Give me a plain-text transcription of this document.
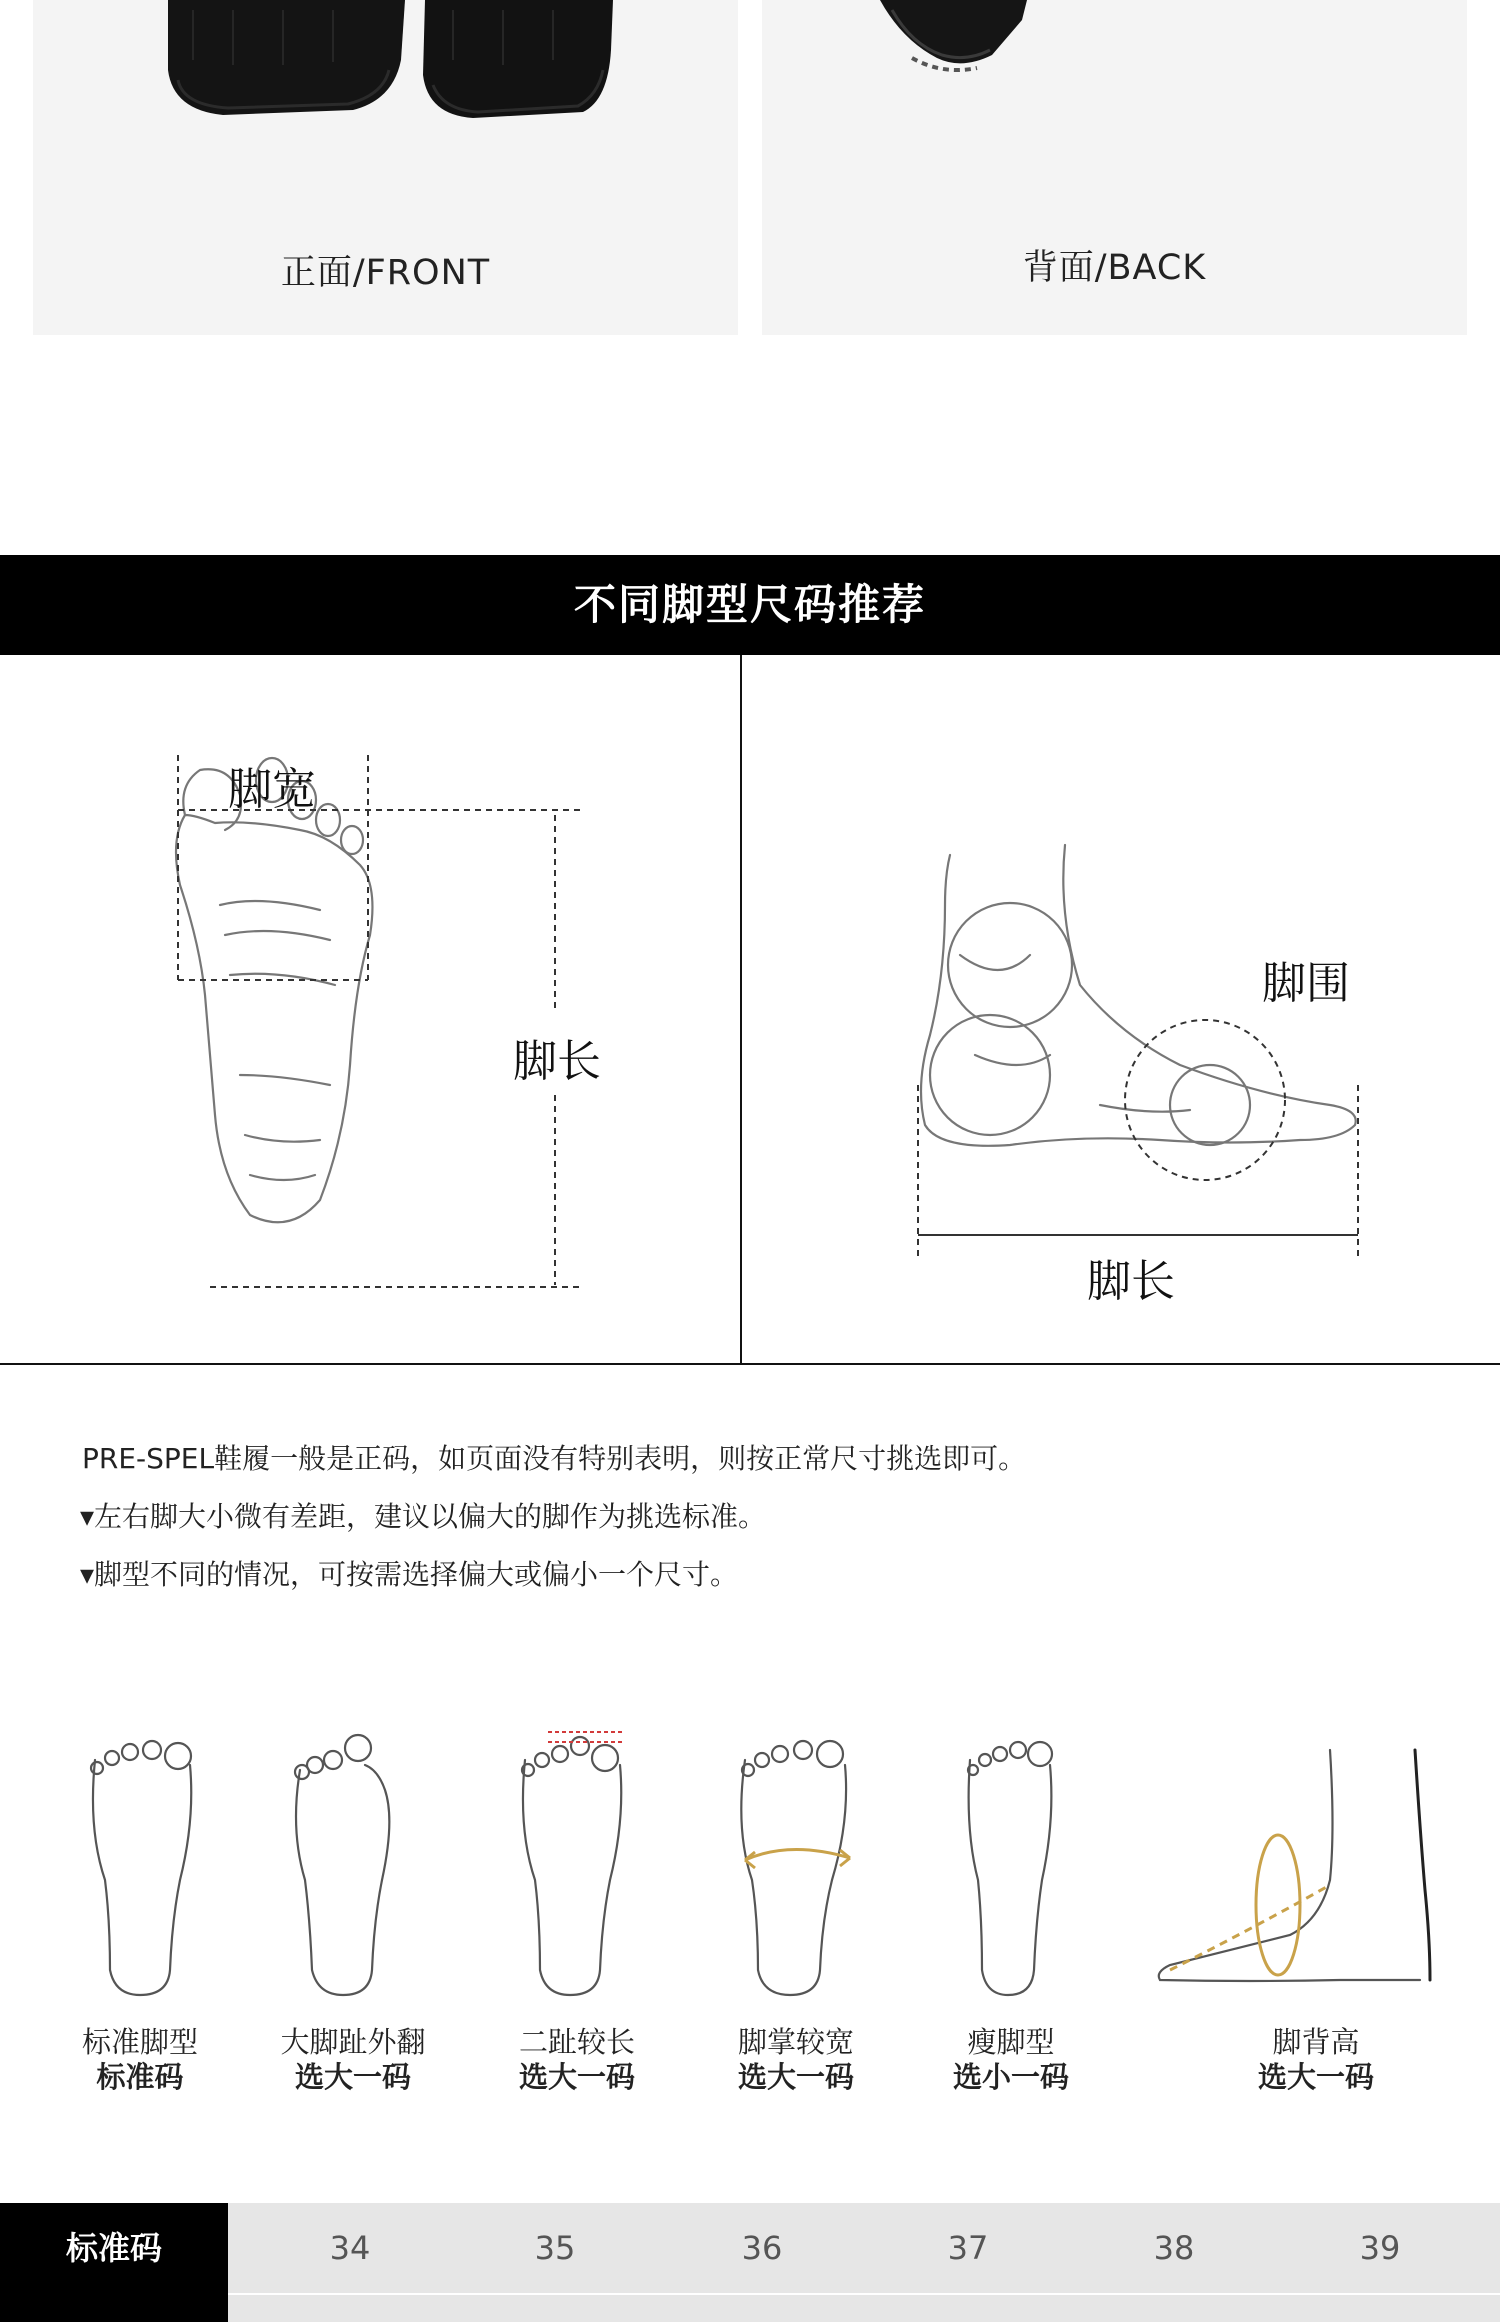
正面/FRONT	背面/BACK
不同脚型尺码推荐
脚宽
脚长
脚围
脚长
PRE-SPEL鞋履一般是正码，如页面没有特别表明，则按正常尺寸挑选即可。
▾左右脚大小微有差距，建议以偏大的脚作为挑选标准。
▾脚型不同的情况，可按需选择偏大或偏小一个尺寸。
标准脚型
标准码
大脚趾外翻
选大一码
二趾较长
选大一码
脚掌较宽
选大一码
瘦脚型
选小一码
脚背高
选大一码
标准码	34	35	36	37	38	39
